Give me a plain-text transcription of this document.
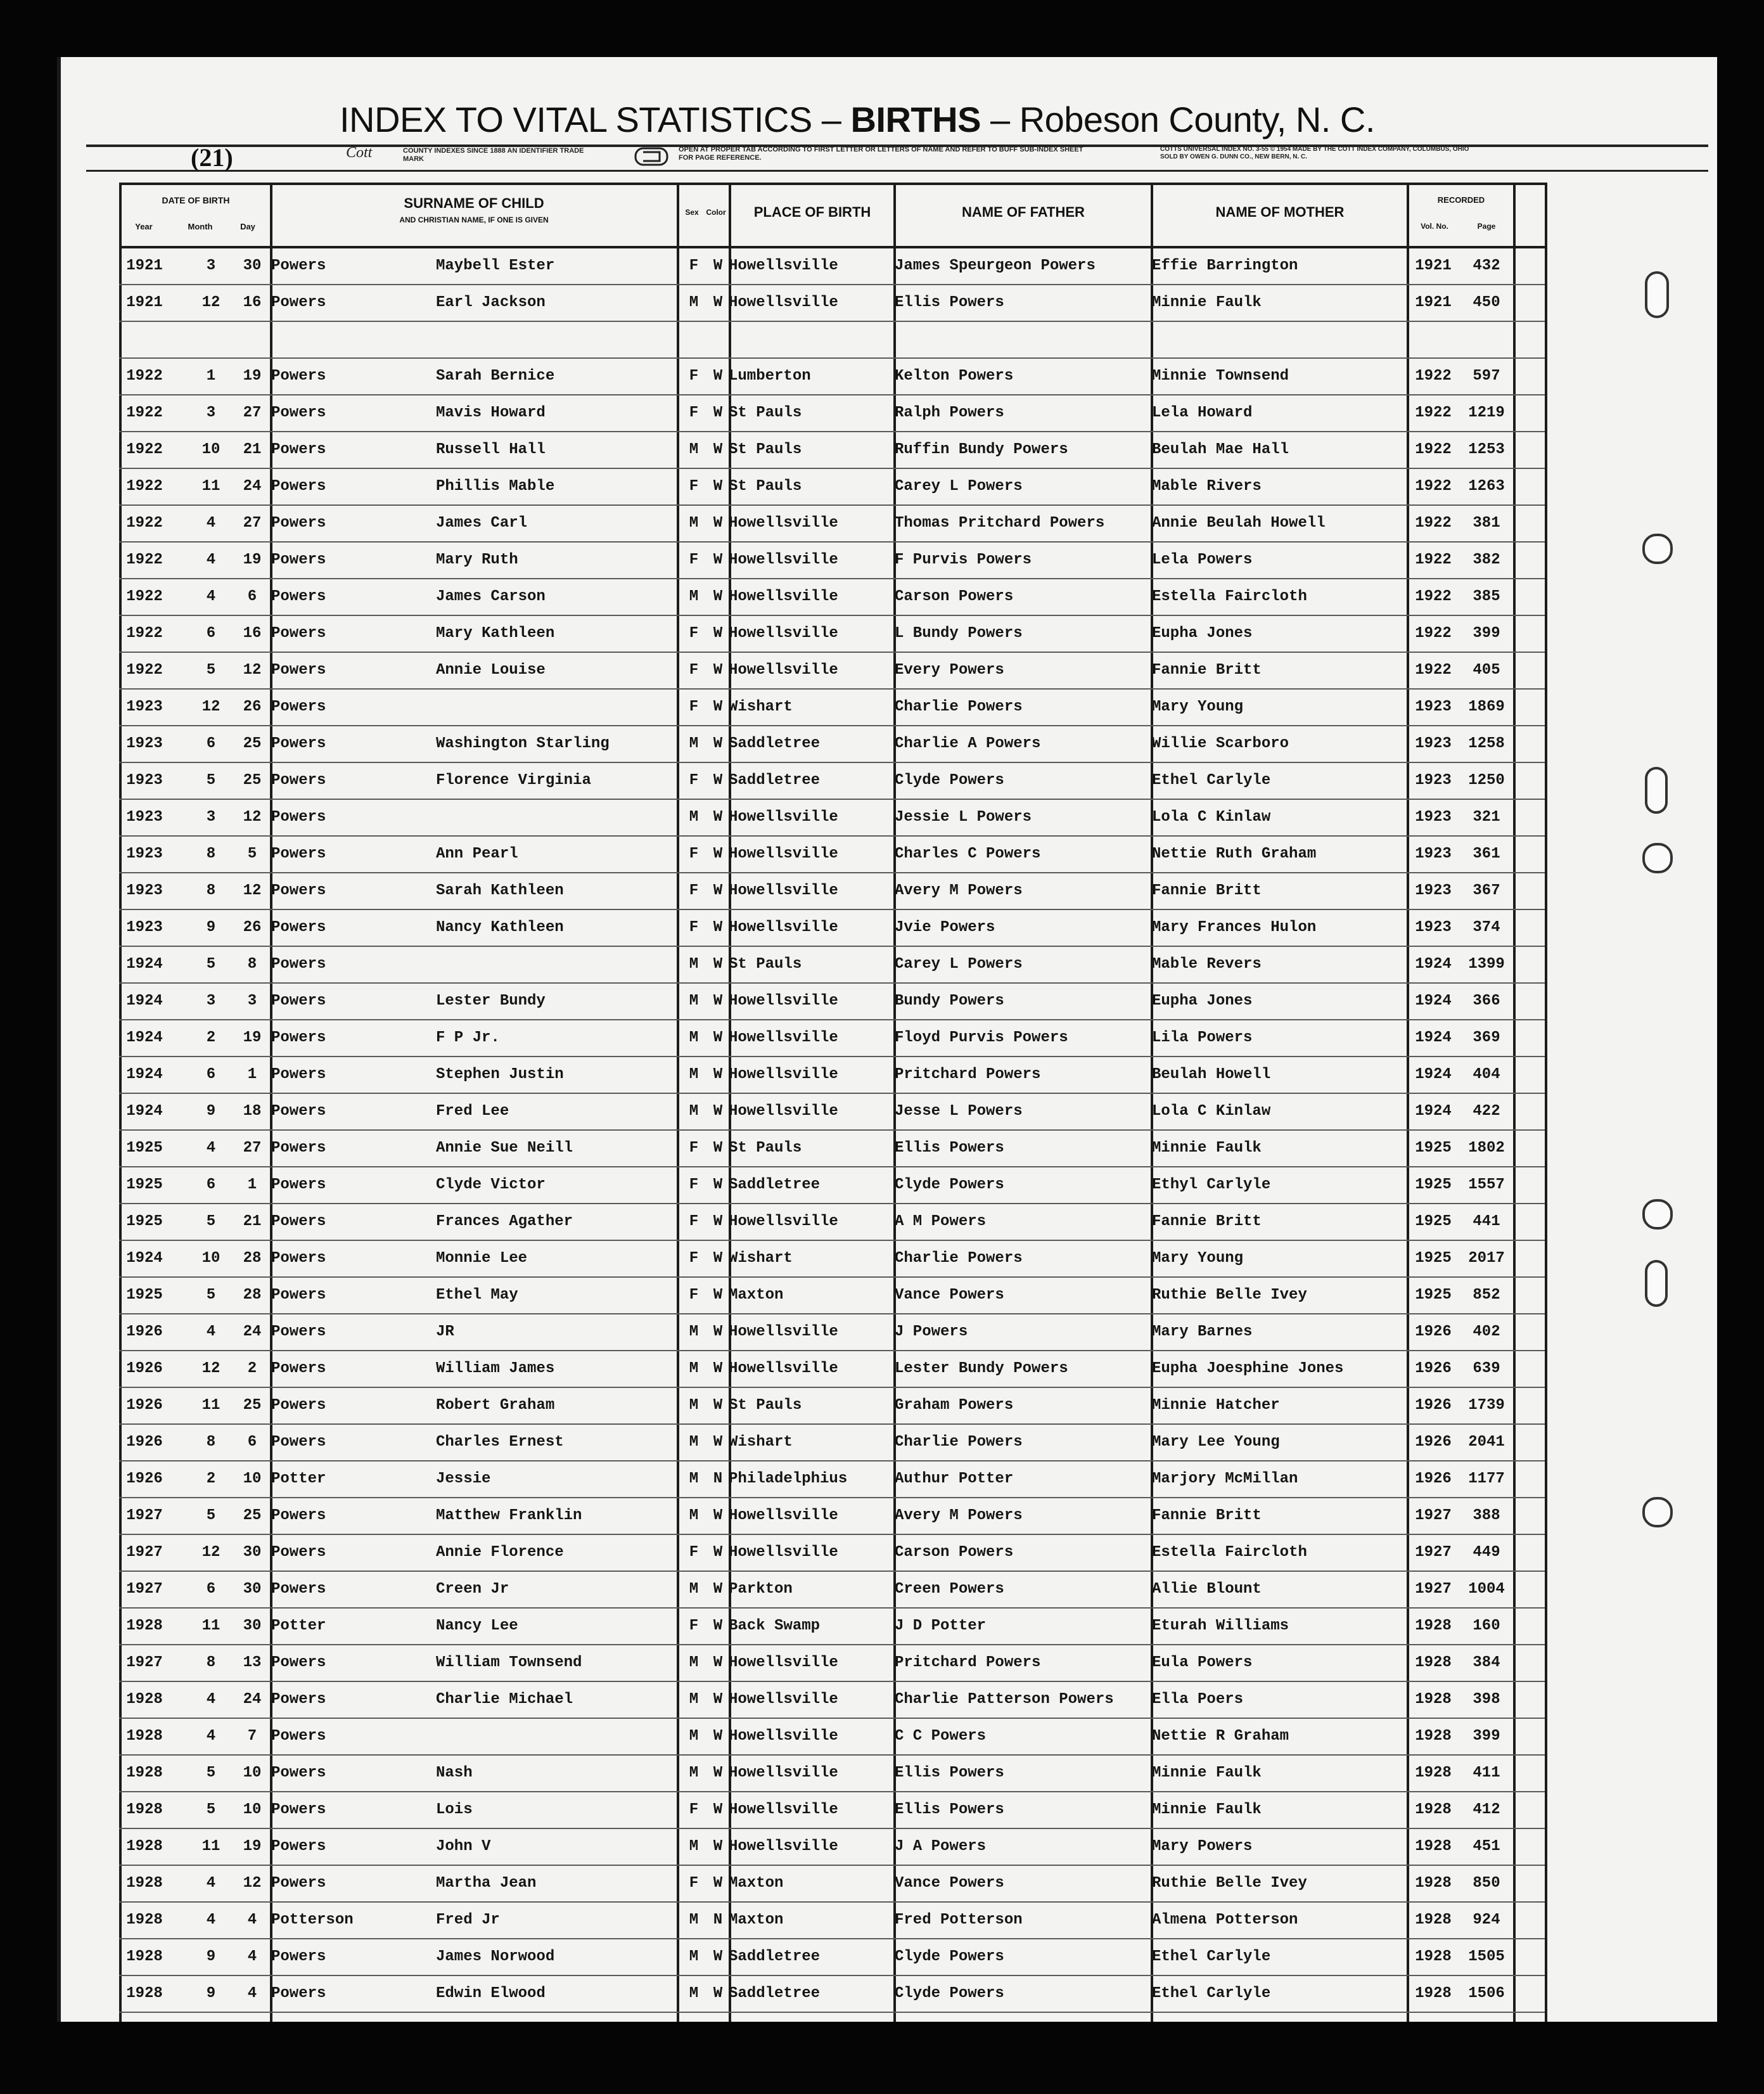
INDEX TO VITAL STATISTICS – BIRTHS – Robeson County, N. C.
(21)	Cott	COUNTY INDEXES SINCE 1888 AN IDENTIFIER TRADE MARK
OPEN AT PROPER TAB ACCORDING TO FIRST LETTER OR LETTERS OF NAME AND REFER TO BUFF SUB-INDEX SHEET FOR PAGE REFERENCE.
COTTS UNIVERSAL INDEX NO. 3-55 © 1954 MADE BY THE COTT INDEX COMPANY, COLUMBUS, OHIO SOLD BY OWEN G. DUNN CO., NEW BERN, N. C.
DATE OF BIRTH
Year	Month	Day
SURNAME OF CHILD
AND CHRISTIAN NAME, IF ONE IS GIVEN
Sex Color	PLACE OF BIRTH	NAME OF FATHER	NAME OF MOTHER
RECORDED
Vol. No.	Page
1921	3	30 Powers	Maybell Ester	F W Howellsville	James Speurgeon Powers	Effie Barrington	1921	432
1921	12	16 Powers	Earl Jackson	M W Howellsville	Ellis Powers	Minnie Faulk	1921	450
1922	1	19 Powers	Sarah Bernice	F W Lumberton	Kelton Powers	Minnie Townsend	1922	597
1922	3	27 Powers	Mavis Howard	F W St Pauls	Ralph Powers	Lela Howard	1922	1219
1922	10	21 Powers	Russell Hall	M W St Pauls	Ruffin Bundy Powers	Beulah Mae Hall	1922	1253
1922	11	24 Powers	Phillis Mable	F W St Pauls	Carey L Powers	Mable Rivers	1922	1263
1922	4	27 Powers	James Carl	M W Howellsville	Thomas Pritchard Powers	Annie Beulah Howell	1922	381
1922	4	19 Powers	Mary Ruth	F W Howellsville	F Purvis Powers	Lela Powers	1922	382
1922	4	6 Powers	James Carson	M W Howellsville	Carson Powers	Estella Faircloth	1922	385
1922	6	16 Powers	Mary Kathleen	F W Howellsville	L Bundy Powers	Eupha Jones	1922	399
1922	5	12 Powers	Annie Louise	F W Howellsville	Every Powers	Fannie Britt	1922	405
1923	12	26 Powers	F W Wishart	Charlie Powers	Mary Young	1923	1869
1923	6	25 Powers	Washington Starling	M W Saddletree	Charlie A Powers	Willie Scarboro	1923	1258
1923	5	25 Powers	Florence Virginia	F W Saddletree	Clyde Powers	Ethel Carlyle	1923	1250
1923	3	12 Powers	M W Howellsville	Jessie L Powers	Lola C Kinlaw	1923	321
1923	8	5 Powers	Ann Pearl	F W Howellsville	Charles C Powers	Nettie Ruth Graham	1923	361
1923	8	12 Powers	Sarah Kathleen	F W Howellsville	Avery M Powers	Fannie Britt	1923	367
1923	9	26 Powers	Nancy Kathleen	F W Howellsville	Jvie Powers	Mary Frances Hulon	1923	374
1924	5	8 Powers	M W St Pauls	Carey L Powers	Mable Revers	1924	1399
1924	3	3 Powers	Lester Bundy	M W Howellsville	Bundy Powers	Eupha Jones	1924	366
1924	2	19 Powers	F P Jr.	M W Howellsville	Floyd Purvis Powers	Lila Powers	1924	369
1924	6	1 Powers	Stephen Justin	M W Howellsville	Pritchard Powers	Beulah Howell	1924	404
1924	9	18 Powers	Fred Lee	M W Howellsville	Jesse L Powers	Lola C Kinlaw	1924	422
1925	4	27 Powers	Annie Sue Neill	F W St Pauls	Ellis Powers	Minnie Faulk	1925	1802
1925	6	1 Powers	Clyde Victor	F W Saddletree	Clyde Powers	Ethyl Carlyle	1925	1557
1925	5	21 Powers	Frances Agather	F W Howellsville	A M Powers	Fannie Britt	1925	441
1924	10	28 Powers	Monnie Lee	F W Wishart	Charlie Powers	Mary Young	1925	2017
1925	5	28 Powers	Ethel May	F W Maxton	Vance Powers	Ruthie Belle Ivey	1925	852
1926	4	24 Powers	JR	M W Howellsville	J Powers	Mary Barnes	1926	402
1926	12	2 Powers	William James	M W Howellsville	Lester Bundy Powers	Eupha Joesphine Jones	1926	639
1926	11	25 Powers	Robert Graham	M W St Pauls	Graham Powers	Minnie Hatcher	1926	1739
1926	8	6 Powers	Charles Ernest	M W Wishart	Charlie Powers	Mary Lee Young	1926	2041
1926	2	10 Potter	Jessie	M N Philadelphius	Authur Potter	Marjory McMillan	1926	1177
1927	5	25 Powers	Matthew Franklin	M W Howellsville	Avery M Powers	Fannie Britt	1927	388
1927	12	30 Powers	Annie Florence	F W Howellsville	Carson Powers	Estella Faircloth	1927	449
1927	6	30 Powers	Creen Jr	M W Parkton	Creen Powers	Allie Blount	1927	1004
1928	11	30 Potter	Nancy Lee	F W Back Swamp	J D Potter	Eturah Williams	1928	160
1927	8	13 Powers	William Townsend	M W Howellsville	Pritchard Powers	Eula Powers	1928	384
1928	4	24 Powers	Charlie Michael	M W Howellsville	Charlie Patterson Powers	Ella Poers	1928	398
1928	4	7 Powers	M W Howellsville	C C Powers	Nettie R Graham	1928	399
1928	5	10 Powers	Nash	M W Howellsville	Ellis Powers	Minnie Faulk	1928	411
1928	5	10 Powers	Lois	F W Howellsville	Ellis Powers	Minnie Faulk	1928	412
1928	11	19 Powers	John V	M W Howellsville	J A Powers	Mary Powers	1928	451
1928	4	12 Powers	Martha Jean	F W Maxton	Vance Powers	Ruthie Belle Ivey	1928	850
1928	4	4 Potterson	Fred Jr	M N Maxton	Fred Potterson	Almena Potterson	1928	924
1928	9	4 Powers	James Norwood	M W Saddletree	Clyde Powers	Ethel Carlyle	1928	1505
1928	9	4 Powers	Edwin Elwood	M W Saddletree	Clyde Powers	Ethel Carlyle	1928	1506
